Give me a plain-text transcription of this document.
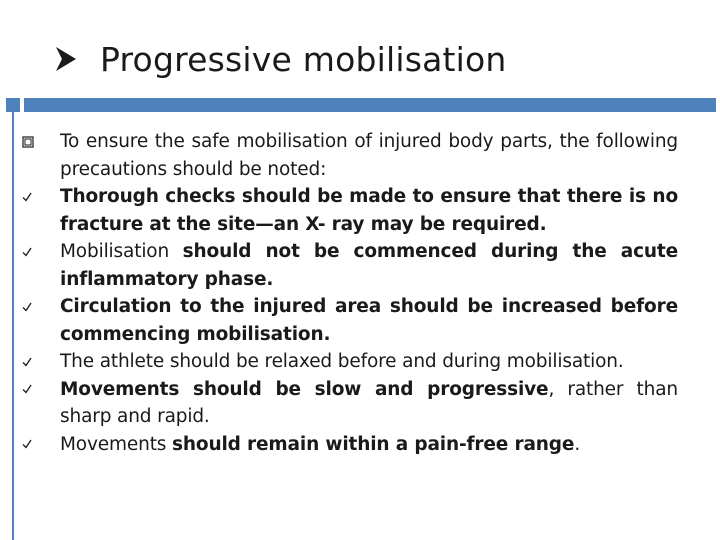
Progressive mobilisation
To ensure the safe mobilisation of injured body parts, the following precautions should be noted:
Thorough checks should be made to ensure that there is no fracture at the site—an X- ray may be required.
Mobilisation should not be commenced during the acute inflammatory phase.
Circulation to the injured area should be increased before commencing mobilisation.
The athlete should be relaxed before and during mobilisation.
Movements should be slow and progressive, rather than sharp and rapid.
Movements should remain within a pain-free range.
